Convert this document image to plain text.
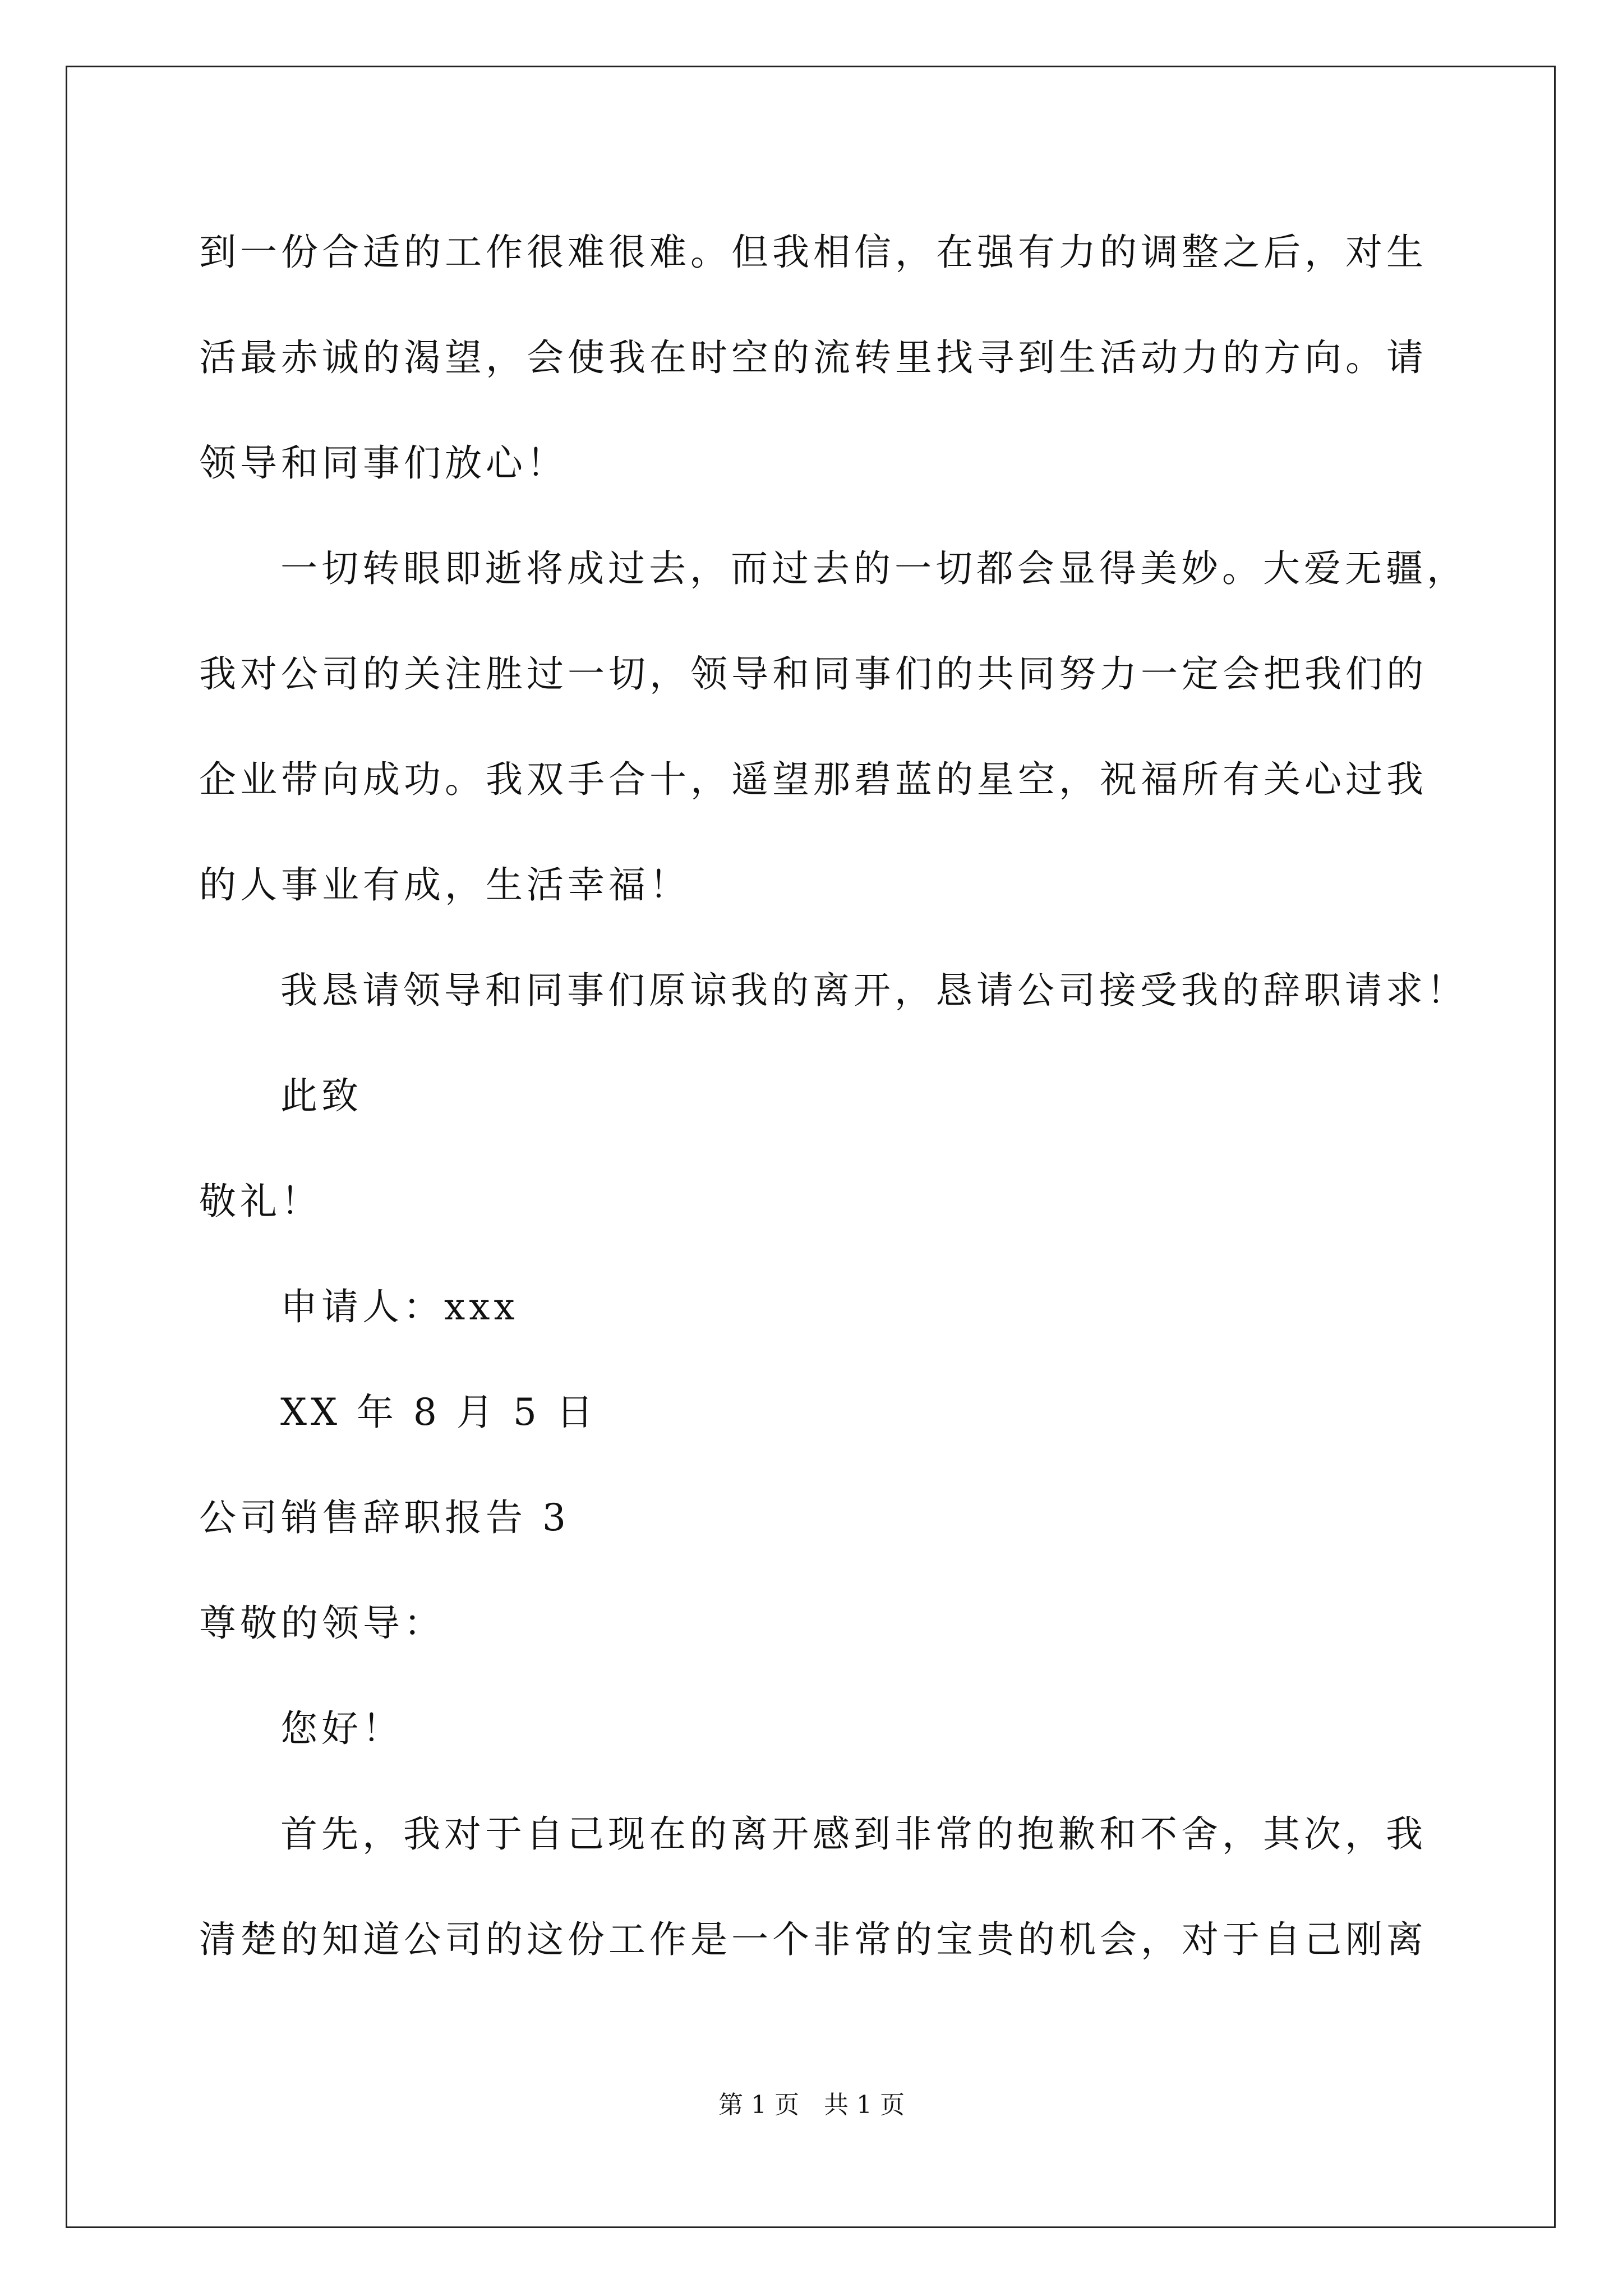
到一份合适的工作很难很难。但我相信，在强有力的调整之后，对生
活最赤诚的渴望，会使我在时空的流转里找寻到生活动力的方向。请
领导和同事们放心！
一切转眼即逝将成过去，而过去的一切都会显得美妙。大爱无疆，
我对公司的关注胜过一切，领导和同事们的共同努力一定会把我们的
企业带向成功。我双手合十，遥望那碧蓝的星空，祝福所有关心过我
的人事业有成，生活幸福！
我恳请领导和同事们原谅我的离开，恳请公司接受我的辞职请求！
此致
敬礼！
申请人：xxx
XX 年 8 月 5 日
公司销售辞职报告 3
尊敬的领导：
您好！
首先，我对于自己现在的离开感到非常的抱歉和不舍，其次，我
清楚的知道公司的这份工作是一个非常的宝贵的机会，对于自己刚离
第 1 页　共 1 页
